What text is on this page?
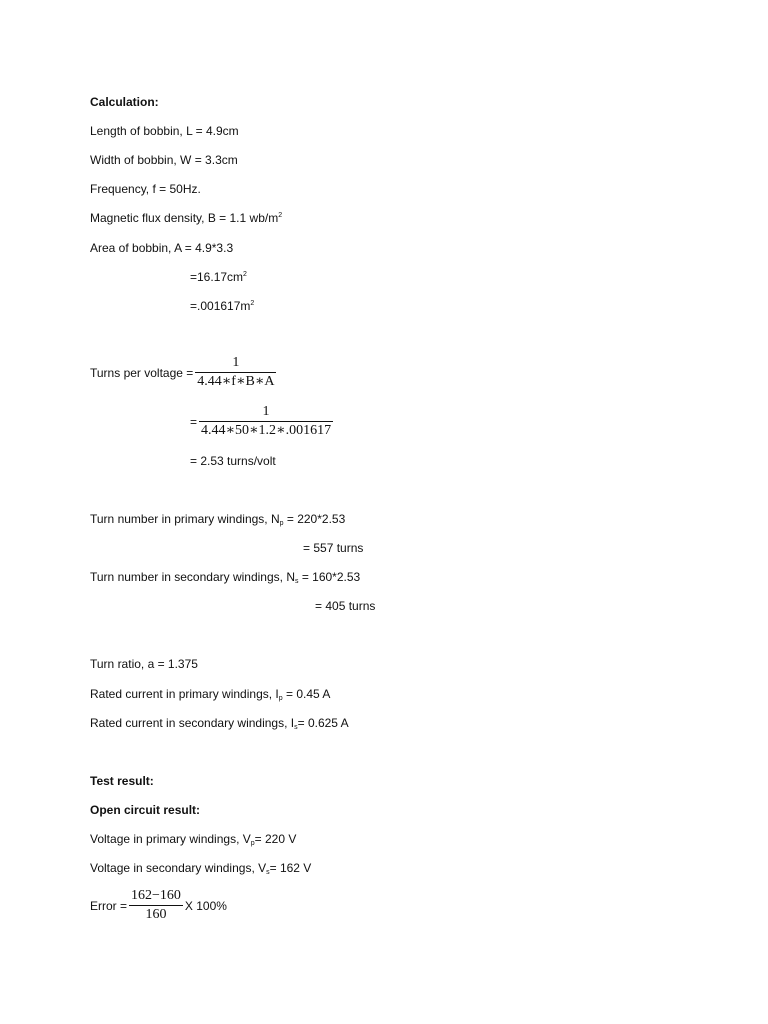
Calculation:
Length of bobbin, L = 4.9cm
Width of bobbin, W = 3.3cm
Frequency, f = 50Hz.
Magnetic flux density, B = 1.1 $wb/m^2$
Area of bobbin, A = 4.9*3.3
$=16.17cm^2$
$=.001617m^2$
Turns per voltage = $\frac{1}{4.44∗f∗B∗A}$
= $\frac{1}{4.44∗50∗1.2∗.001617}$
= 2.53 turns/volt
Turn number in primary windings, $N_p = 220*2.53$
= 557 turns
Turn number in secondary windings, $N_s = 160*2.53$
= 405 turns
Turn ratio, a = 1.375
Rated current in primary windings, $I_p = 0.45$ A
Rated current in secondary windings, $I_s= 0.625$ A
Test result:
Open circuit result:
Voltage in primary windings, $V_p= 220$ V
Voltage in secondary windings, $V_s= 162$ V
Error = $\frac{162-160}{160}$ X 100%
